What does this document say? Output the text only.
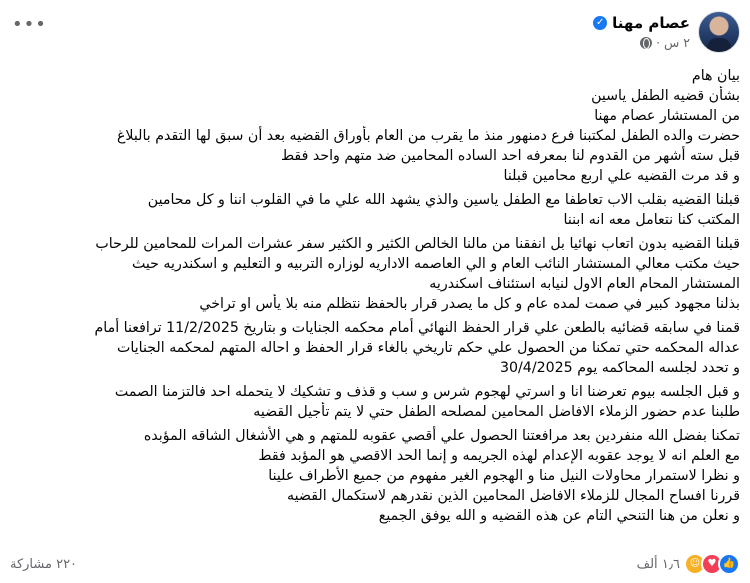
•••	عصام مهنا
✓
٢ س
·
بيان هام
بشأن قضيه الطفل ياسين
من المستشار عصام مهنا
حضرت والده الطفل لمكتبنا فرع دمنهور منذ ما يقرب من العام بأوراق القضيه بعد أن سبق لها التقدم بالبلاغ
قبل سته أشهر من القدوم لنا بمعرفه احد الساده المحامين ضد متهم واحد فقط
و قد مرت القضيه علي اربع محامين قبلنا
قبلنا القضيه بقلب الاب تعاطفا مع الطفل ياسين والذي يشهد الله علي ما في القلوب اننا و كل محامين
المكتب كنا نتعامل معه انه ابننا
قبلنا القضيه بدون اتعاب نهائيا بل انفقنا من مالنا الخالص الكثير و الكثير سفر عشرات المرات للمحامين للرحاب
حيث مكتب معالي المستشار النائب العام و الي العاصمه الاداريه لوزاره التربيه و التعليم و اسكندريه حيث
المستشار المحام العام الاول لنيابه استئناف اسكندريه
بذلنا مجهود كبير في صمت لمده عام و كل ما يصدر قرار بالحفظ نتظلم منه بلا يأس او تراخي
قمنا في سابقه قضائيه بالطعن علي قرار الحفظ النهائي أمام محكمه الجنايات و بتاريخ 11/2/2025 ترافعنا أمام
عداله المحكمه حتي تمكنا من الحصول علي حكم تاريخي بالغاء قرار الحفظ و احاله المتهم لمحكمه الجنايات
و تحدد لجلسه المحاكمه يوم 30/4/2025
و قبل الجلسه بيوم تعرضنا انا و اسرتي لهجوم شرس و سب و قذف و تشكيك لا يتحمله احد فالتزمنا الصمت
طلبنا عدم حضور الزملاء الافاضل المحامين لمصلحه الطفل حتي لا يتم تأجيل القضيه
تمكنا بفضل الله منفردين بعد مرافعتنا الحصول علي أقصي عقوبه للمتهم و هي الأشغال الشاقه المؤبده
مع العلم انه لا يوجد عقوبه الإعدام لهذه الجريمه و إنما الحد الاقصي هو المؤبد فقط
و نظرا لاستمرار محاولات النيل منا و الهجوم الغير مفهوم من جميع الأطراف علينا
قررنا افساح المجال للزملاء الافاضل المحامين الذين نقدرهم لاستكمال القضيه
و نعلن من هنا التنحي التام عن هذه القضيه و الله يوفق الجميع
٢٢٠ مشاركة	☺ ♥ 👍
١٫٦ ألف
